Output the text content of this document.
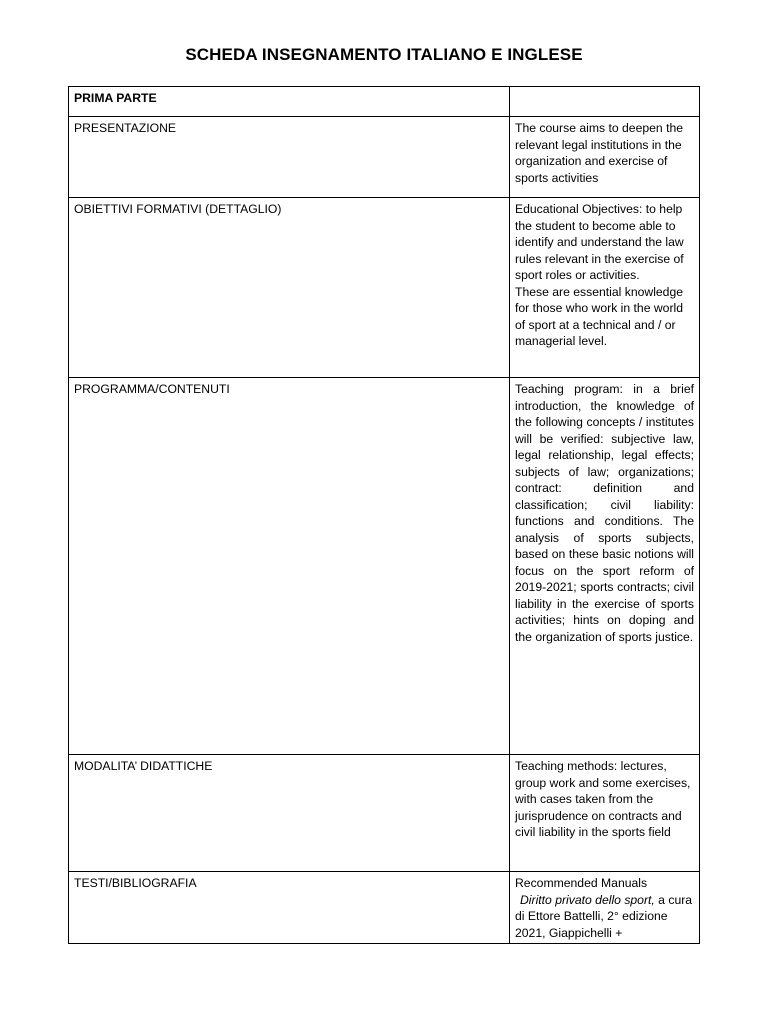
SCHEDA INSEGNAMENTO ITALIANO E INGLESE
PRIMA PARTE	
PRESENTAZIONE	The course aims to deepen the relevant legal institutions in the organization and exercise of sports activities
OBIETTIVI FORMATIVI (DETTAGLIO)	Educational Objectives: to help the student to become able to identify and understand the law rules relevant in the exercise of sport roles or activities.
These are essential knowledge for those who work in the world of sport at a technical and / or managerial level.

PROGRAMMA/CONTENUTI	Teaching program: in a brief introduction, the knowledge of the following concepts / institutes will be verified: subjective law, legal relationship, legal effects; subjects of law; organizations; contract: definition and classification; civil liability: functions and conditions. The analysis of sports subjects, based on these basic notions will focus on the sport reform of 2019-2021; sports contracts; civil liability in the exercise of sports activities; hints on doping and the organization of sports justice.
MODALITA’ DIDATTICHE	Teaching methods: lectures, group work and some exercises, with cases taken from the jurisprudence on contracts and civil liability in the sports field
TESTI/BIBLIOGRAFIA	Recommended Manuals
Diritto privato dello sport, a cura di Ettore Battelli, 2° edizione 2021, Giappichelli +
